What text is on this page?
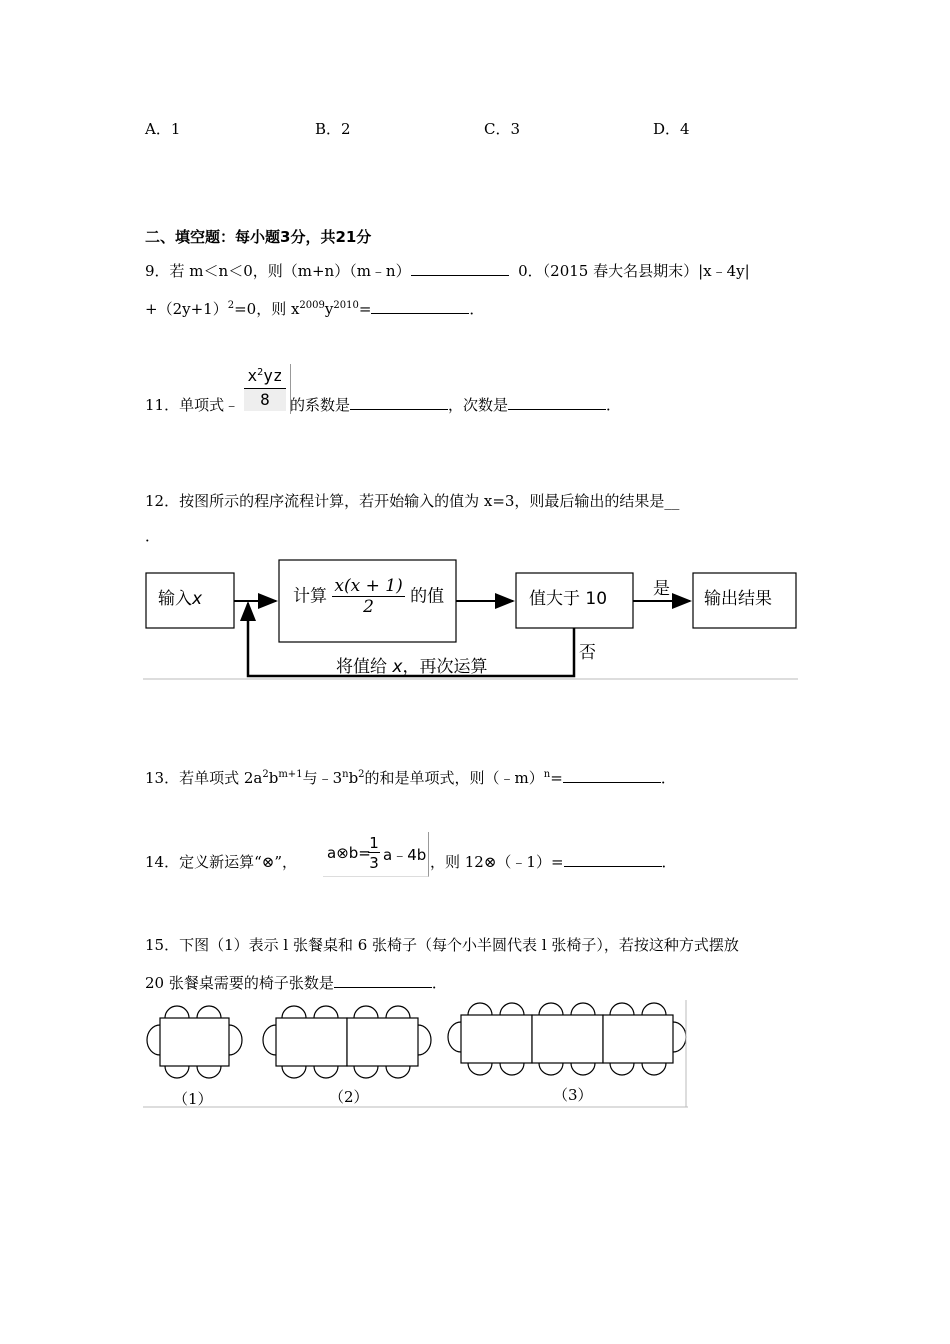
A．1	B．2	C．3	D．4
二、填空题：每小题3分，共21分
9．若 m＜n＜0，则（m+n）（m﹣n）	0．（2015 春大名县期末）|x﹣4y|
$+(2y+1)^2=0$，则 $x^{2009}y^{2010}=$	．
11．单项式﹣ $\frac{x^2yz}{8}$ 的系数是	，次数是	．
12．按图所示的程序流程计算，若开始输入的值为 x=3，则最后输出的结果是__
．
输入x	计算 $\frac{x(x + 1)}{2}$ 的值	值大于 10	是
否
输出结果
将值给 x，再次运算
13．若单项式 $2a^2b^{m+1}$与$﹣3^nb^2$的和是单项式，则（﹣m）$^n$=	．
14．定义新运算“⊗”， a⊗b=
1
3 a﹣4b ，则 12⊗（﹣1）=	．
15．下图（1）表示 l 张餐桌和 6 张椅子（每个小半圆代表 l 张椅子），若按这种方式摆放
20 张餐桌需要的椅子张数是	．
（1）	（2）	（3）
